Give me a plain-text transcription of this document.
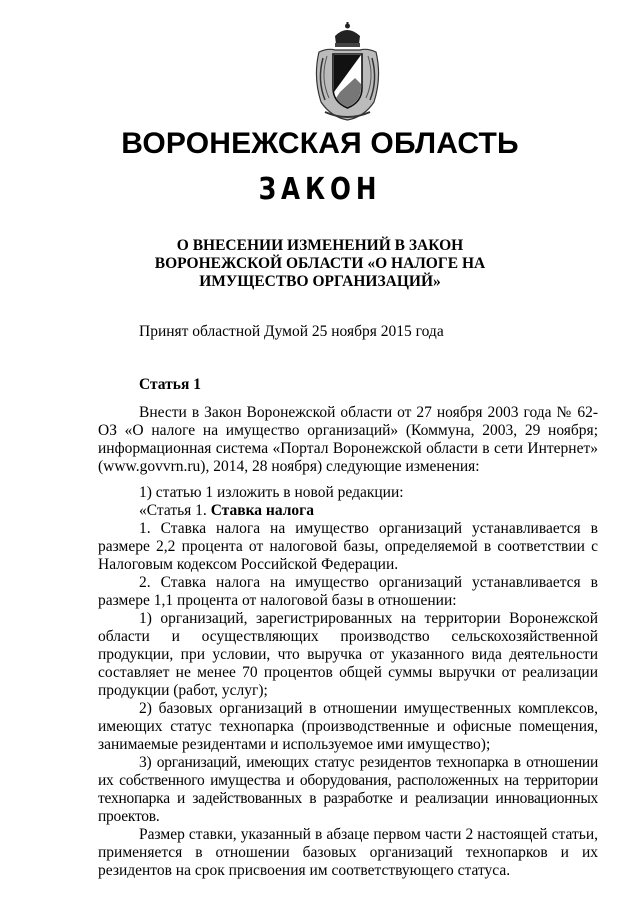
ВОРОНЕЖСКАЯ ОБЛАСТЬ
ЗАКОН
О ВНЕСЕНИИ ИЗМЕНЕНИЙ В ЗАКОН
ВОРОНЕЖСКОЙ ОБЛАСТИ «О НАЛОГЕ НА
ИМУЩЕСТВО ОРГАНИЗАЦИЙ»
Принят областной Думой 25 ноября 2015 года

Статья 1

Внести в Закон Воронежской области от 27 ноября 2003 года № 62-ОЗ «О налоге на имущество организаций» (Коммуна, 2003, 29 ноября; информационная система «Портал Воронежской области в сети Интернет» (www.govvrn.ru), 2014, 28 ноября) следующие изменения:

1) статью 1 изложить в новой редакции:

«Статья 1. Ставка налога

1. Ставка налога на имущество организаций устанавливается в размере 2,2 процента от налоговой базы, определяемой в соответствии с Налоговым кодексом Российской Федерации.

2. Ставка налога на имущество организаций устанавливается в размере 1,1 процента от налоговой базы в отношении:

1) организаций, зарегистрированных на территории Воронежской области и осуществляющих производство сельскохозяйственной продукции, при условии, что выручка от указанного вида деятельности составляет не менее 70 процентов общей суммы выручки от реализации продукции (работ, услуг);

2) базовых организаций в отношении имущественных комплексов, имеющих статус технопарка (производственные и офисные помещения, занимаемые резидентами и используемое ими имущество);

3) организаций, имеющих статус резидентов технопарка в отношении их собственного имущества и оборудования, расположенных на территории технопарка и задействованных в разработке и реализации инновационных проектов.

Размер ставки, указанный в абзаце первом части 2 настоящей статьи, применяется в отношении базовых организаций технопарков и их резидентов на срок присвоения им соответствующего статуса.
